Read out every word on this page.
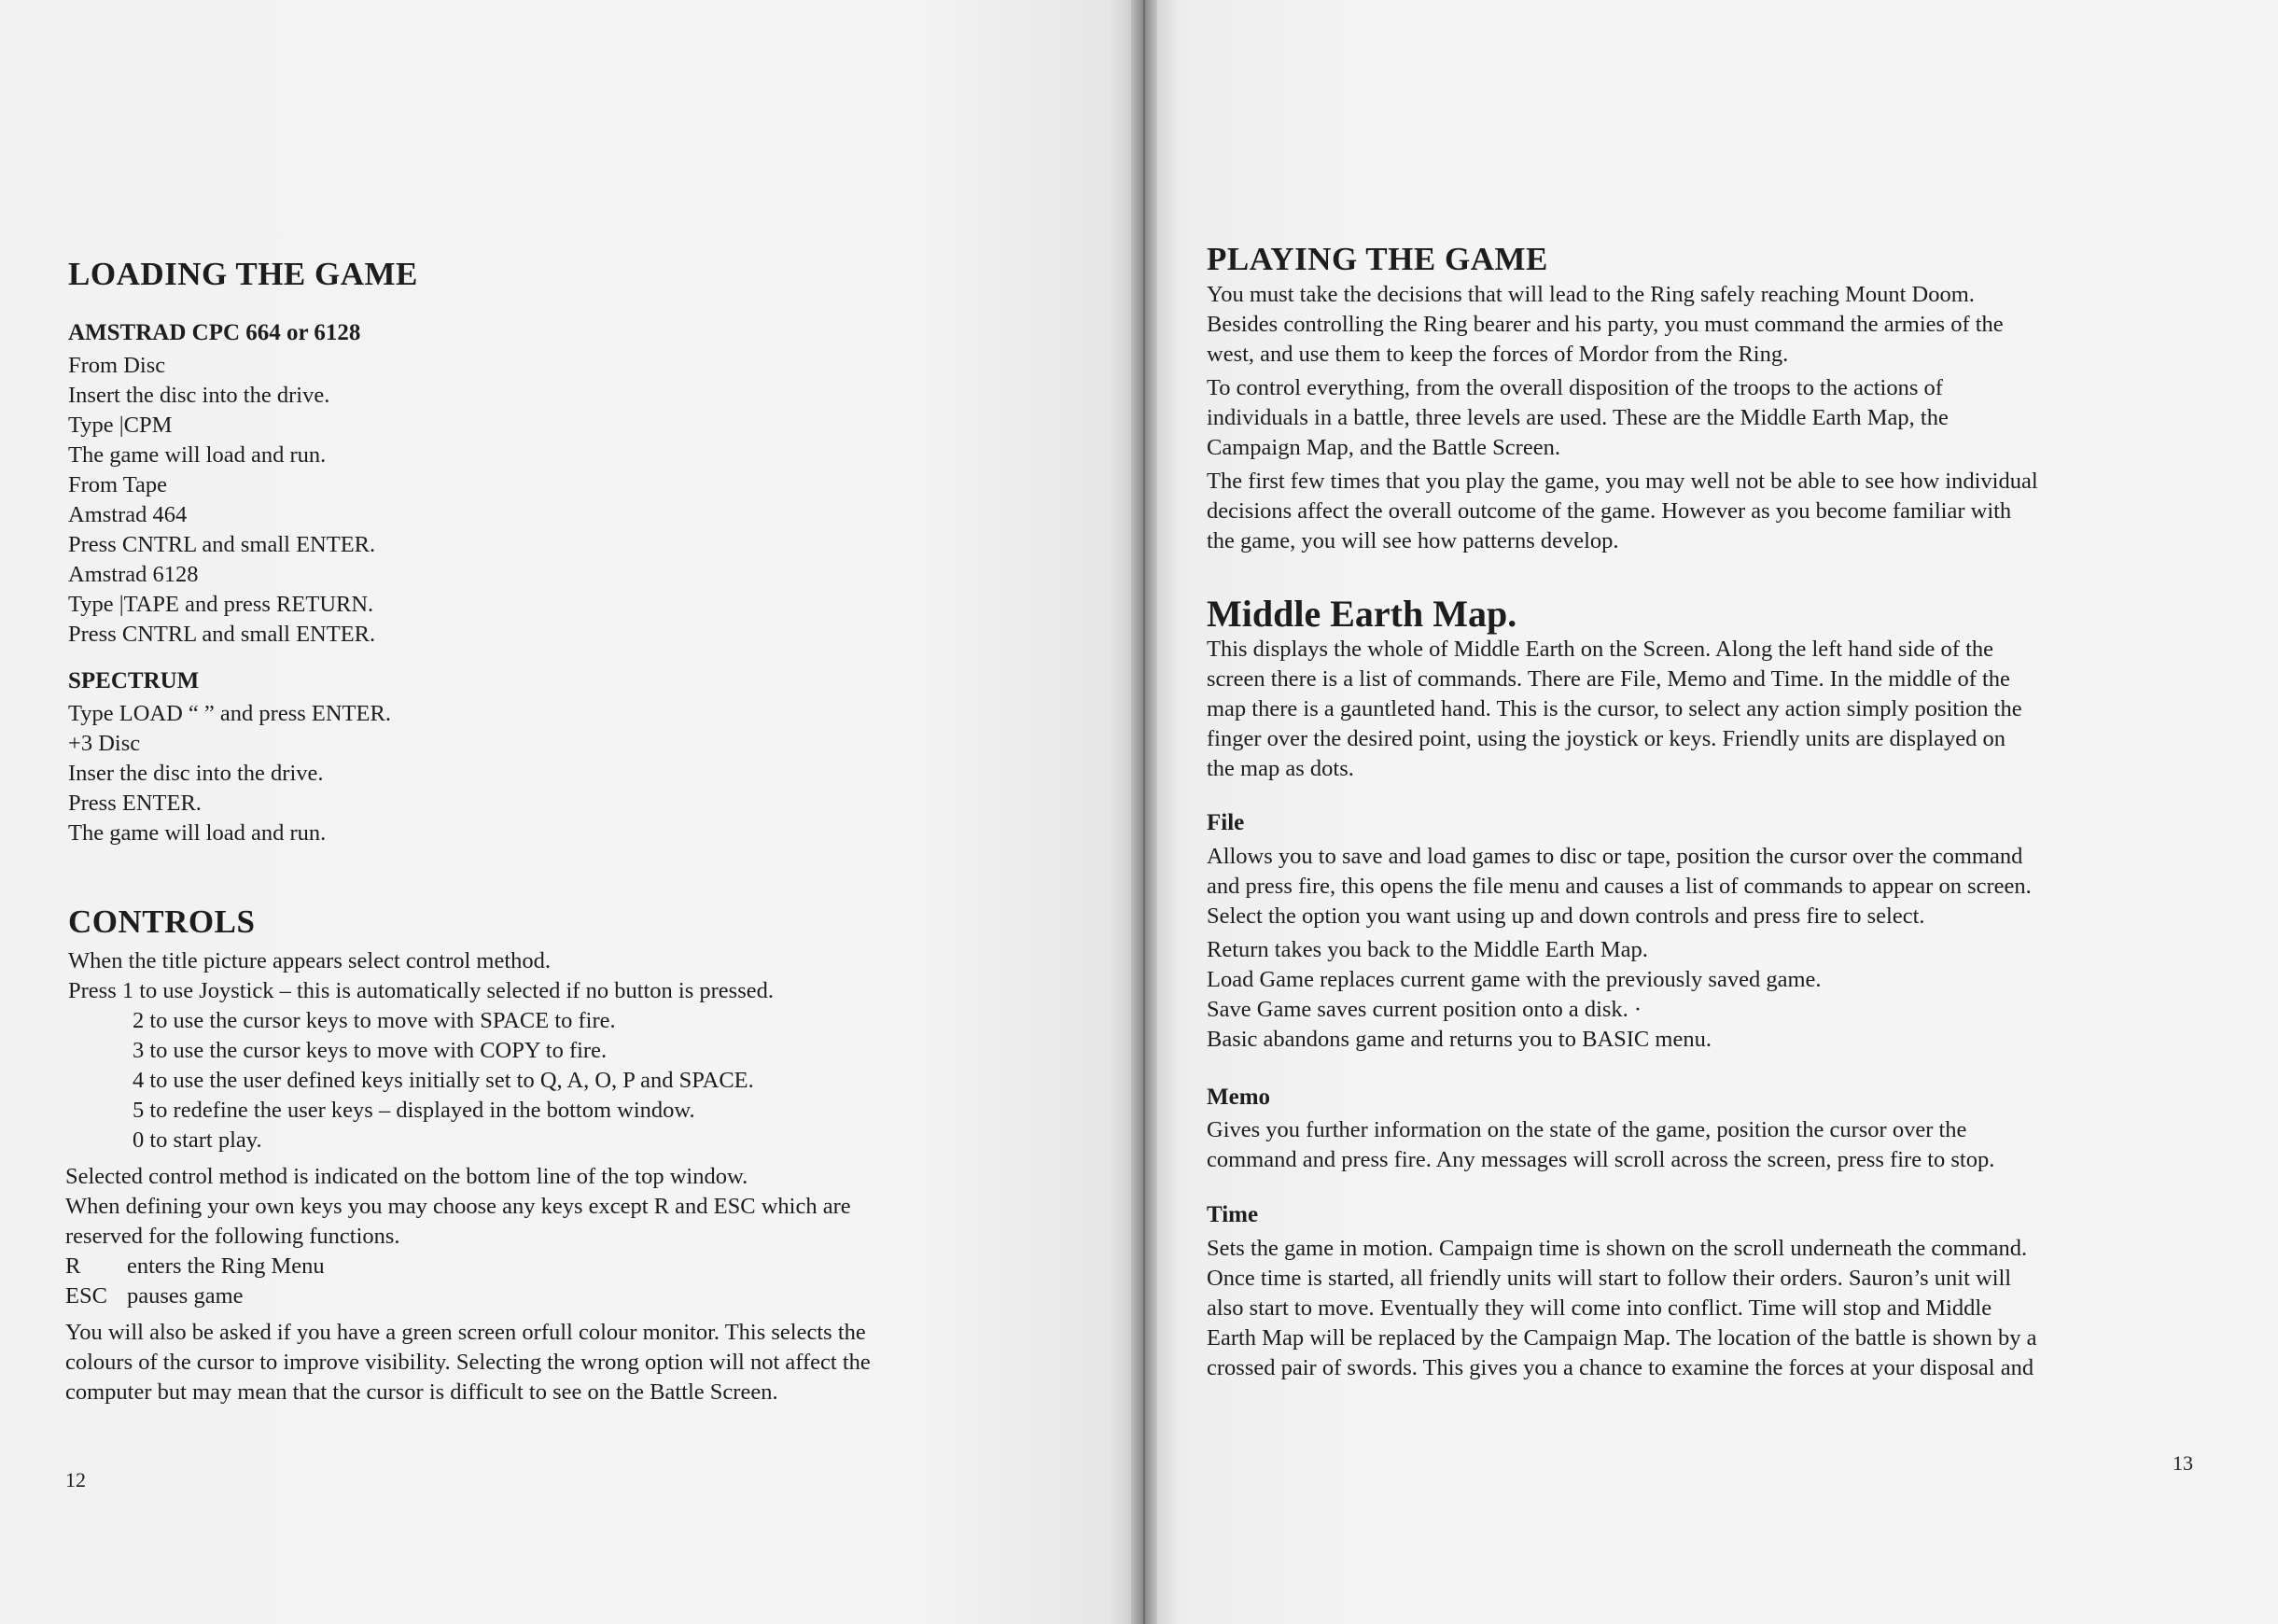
LOADING THE GAME
AMSTRAD CPC 664 or 6128
From Disc
Insert the disc into the drive.
Type |CPM
The game will load and run.
From Tape
Amstrad 464
Press CNTRL and small ENTER.
Amstrad 6128
Type |TAPE and press RETURN.
Press CNTRL and small ENTER.
SPECTRUM
Type LOAD “ ” and press ENTER.
+3 Disc
Inser the disc into the drive.
Press ENTER.
The game will load and run.
CONTROLS
When the title picture appears select control method.
Press 1 to use Joystick – this is automatically selected if no button is pressed.
2 to use the cursor keys to move with SPACE to fire.
3 to use the cursor keys to move with COPY to fire.
4 to use the user defined keys initially set to Q, A, O, P and SPACE.
5 to redefine the user keys – displayed in the bottom window.
0 to start play.
Selected control method is indicated on the bottom line of the top window.
When defining your own keys you may choose any keys except R and ESC which are
reserved for the following functions.
R	enters the Ring Menu
ESC pauses game
You will also be asked if you have a green screen orfull colour monitor. This selects the
colours of the cursor to improve visibility. Selecting the wrong option will not affect the
computer but may mean that the cursor is difficult to see on the Battle Screen.
12
PLAYING THE GAME
You must take the decisions that will lead to the Ring safely reaching Mount Doom.
Besides controlling the Ring bearer and his party, you must command the armies of the
west, and use them to keep the forces of Mordor from the Ring.
To control everything, from the overall disposition of the troops to the actions of
individuals in a battle, three levels are used. These are the Middle Earth Map, the
Campaign Map, and the Battle Screen.
The first few times that you play the game, you may well not be able to see how individual
decisions affect the overall outcome of the game. However as you become familiar with
the game, you will see how patterns develop.
Middle Earth Map.
This displays the whole of Middle Earth on the Screen. Along the left hand side of the
screen there is a list of commands. There are File, Memo and Time. In the middle of the
map there is a gauntleted hand. This is the cursor, to select any action simply position the
finger over the desired point, using the joystick or keys. Friendly units are displayed on
the map as dots.
File
Allows you to save and load games to disc or tape, position the cursor over the command
and press fire, this opens the file menu and causes a list of commands to appear on screen.
Select the option you want using up and down controls and press fire to select.
Return takes you back to the Middle Earth Map.
Load Game replaces current game with the previously saved game.
Save Game saves current position onto a disk. ·
Basic abandons game and returns you to BASIC menu.
Memo
Gives you further information on the state of the game, position the cursor over the
command and press fire. Any messages will scroll across the screen, press fire to stop.
Time
Sets the game in motion. Campaign time is shown on the scroll underneath the command.
Once time is started, all friendly units will start to follow their orders. Sauron’s unit will
also start to move. Eventually they will come into conflict. Time will stop and Middle
Earth Map will be replaced by the Campaign Map. The location of the battle is shown by a
crossed pair of swords. This gives you a chance to examine the forces at your disposal and
13
